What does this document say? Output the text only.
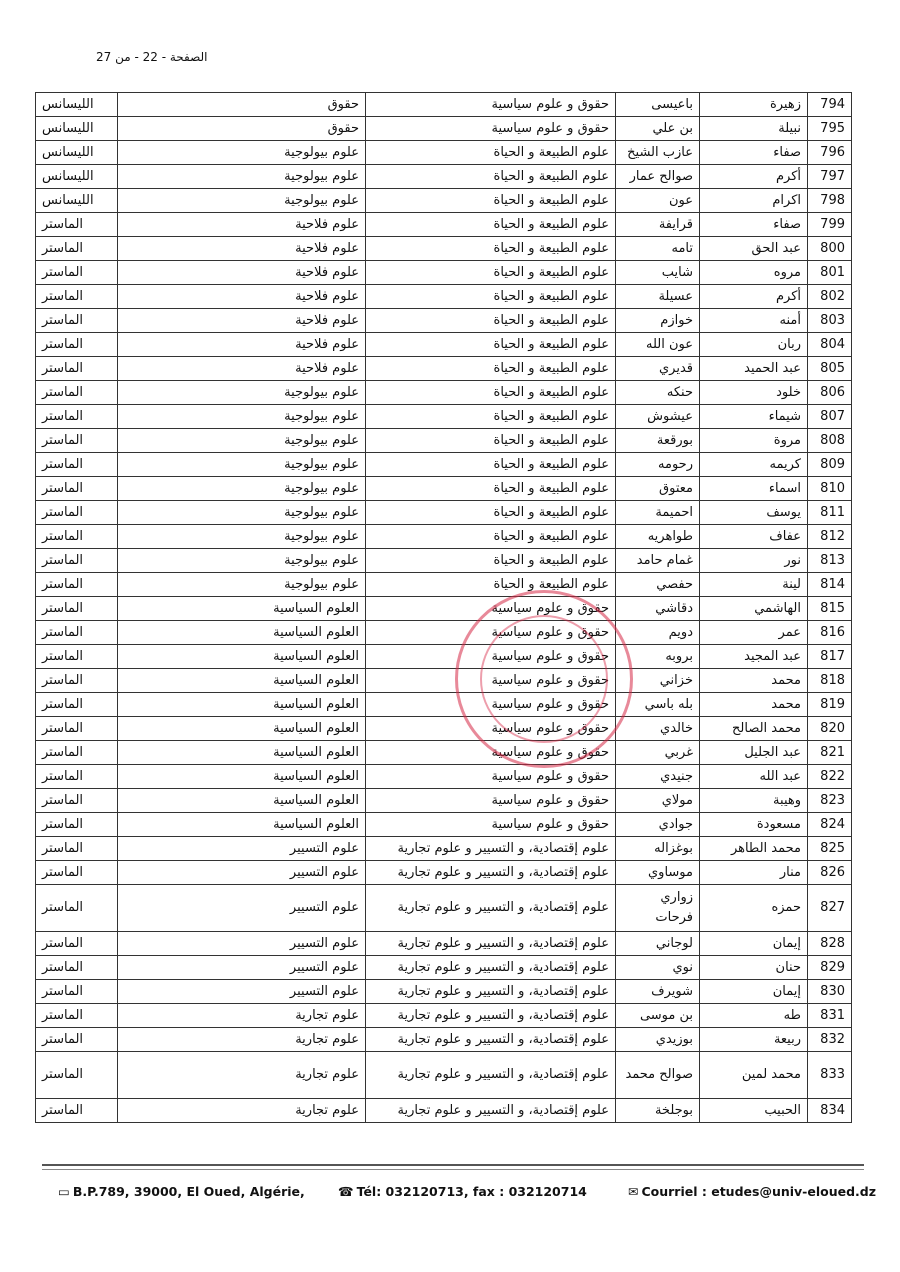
الصفحة - 22 - من 27
794	زهيرة	باعيسى	حقوق و علوم سياسية	حقوق	الليسانس
795	نبيلة	بن علي	حقوق و علوم سياسية	حقوق	الليسانس
796	صفاء	عازب الشيخ	علوم الطبيعة و الحياة	علوم بيولوجية	الليسانس
797	أكرم	صوالح عمار	علوم الطبيعة و الحياة	علوم بيولوجية	الليسانس
798	اكرام	عون	علوم الطبيعة و الحياة	علوم بيولوجية	الليسانس
799	صفاء	قرايفة	علوم الطبيعة و الحياة	علوم فلاحية	الماستر
800	عبد الحق	تامه	علوم الطبيعة و الحياة	علوم فلاحية	الماستر
801	مروه	شايب	علوم الطبيعة و الحياة	علوم فلاحية	الماستر
802	أكرم	عسيلة	علوم الطبيعة و الحياة	علوم فلاحية	الماستر
803	أمنه	خوازم	علوم الطبيعة و الحياة	علوم فلاحية	الماستر
804	ربان	عون الله	علوم الطبيعة و الحياة	علوم فلاحية	الماستر
805	عبد الحميد	قديري	علوم الطبيعة و الحياة	علوم فلاحية	الماستر
806	خلود	حنكه	علوم الطبيعة و الحياة	علوم بيولوجية	الماستر
807	شيماء	عيشوش	علوم الطبيعة و الحياة	علوم بيولوجية	الماستر
808	مروة	بورقعة	علوم الطبيعة و الحياة	علوم بيولوجية	الماستر
809	كريمه	رحومه	علوم الطبيعة و الحياة	علوم بيولوجية	الماستر
810	اسماء	معتوق	علوم الطبيعة و الحياة	علوم بيولوجية	الماستر
811	يوسف	احميمة	علوم الطبيعة و الحياة	علوم بيولوجية	الماستر
812	عفاف	طواهريه	علوم الطبيعة و الحياة	علوم بيولوجية	الماستر
813	نور	غمام حامد	علوم الطبيعة و الحياة	علوم بيولوجية	الماستر
814	لينة	حفصي	علوم الطبيعة و الحياة	علوم بيولوجية	الماستر
815	الهاشمي	دقاشي	حقوق و علوم سياسية	العلوم السياسية	الماستر
816	عمر	دويم	حقوق و علوم سياسية	العلوم السياسية	الماستر
817	عبد المجيد	بروبه	حقوق و علوم سياسية	العلوم السياسية	الماستر
818	محمد	خزاني	حقوق و علوم سياسية	العلوم السياسية	الماستر
819	محمد	بله باسي	حقوق و علوم سياسية	العلوم السياسية	الماستر
820	محمد الصالح	خالدي	حقوق و علوم سياسية	العلوم السياسية	الماستر
821	عبد الجليل	غربي	حقوق و علوم سياسية	العلوم السياسية	الماستر
822	عبد الله	جنيدي	حقوق و علوم سياسية	العلوم السياسية	الماستر
823	وهيبة	مولاي	حقوق و علوم سياسية	العلوم السياسية	الماستر
824	مسعودة	جوادي	حقوق و علوم سياسية	العلوم السياسية	الماستر
825	محمد الطاهر	بوغزاله	علوم إقتصادية، و التسيير و علوم تجارية	علوم التسيير	الماستر
826	منار	موساوي	علوم إقتصادية، و التسيير و علوم تجارية	علوم التسيير	الماستر
827	حمزه	زواري فرحات	علوم إقتصادية، و التسيير و علوم تجارية	علوم التسيير	الماستر
828	إيمان	لوجاني	علوم إقتصادية، و التسيير و علوم تجارية	علوم التسيير	الماستر
829	حنان	نوي	علوم إقتصادية، و التسيير و علوم تجارية	علوم التسيير	الماستر
830	إيمان	شويرف	علوم إقتصادية، و التسيير و علوم تجارية	علوم التسيير	الماستر
831	طه	بن موسى	علوم إقتصادية، و التسيير و علوم تجارية	علوم تجارية	الماستر
832	ربيعة	بوزيدي	علوم إقتصادية، و التسيير و علوم تجارية	علوم تجارية	الماستر
833	محمد لمين	صوالح محمد	علوم إقتصادية، و التسيير و علوم تجارية	علوم تجارية	الماستر
834	الحبيب	بوجلخة	علوم إقتصادية، و التسيير و علوم تجارية	علوم تجارية	الماستر
▭ B.P.789, 39000, El Oued, Algérie,	☎ Tél: 032120713, fax : 032120714	✉ Courriel : etudes@univ-eloued.dz
